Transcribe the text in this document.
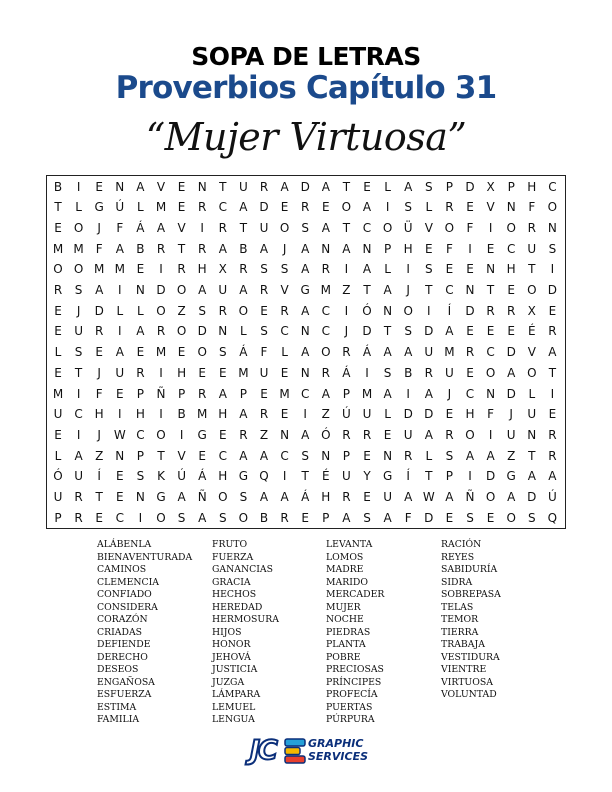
SOPA DE LETRAS
Proverbios Capítulo 31
“Mujer Virtuosa”
B	I	E	N	A	V	E	N	T	U	R	A D A	T	E	L	A	S	P	D X	P	H C
T	L	G Ú	L	M E	R	C	A D	E	R	E	O A	I	S	L	R	E	V N	F	O
E	O	J	F	Á	A	V	I	R	T	U O	S	A	T	C O Ü	V O	F	I	O R N
M M F	A	B	R	T	R	A	B	A	J	A	N	A	N	P	H	E	F	I	E	C	U	S
O O M M E	I	R H X	R	S	S	A	R	I	A	L	I	S	E	E	N H	T	I
R	S	A	I	N D O A	U	A	R	V G M Z	T	A	J	T	C N	T	E	O D
E	J	D	L	L	O Z	S	R O	E	R	A	C	I	Ó N O	I	Í	D R	R	X	E
E	U	R	I	A	R O D N	L	S	C N C	J	D	T	S	D A	E	E	E	É	R
L	S	E	A	E M E	O	S	Á	F	L	A O R	Á	A	A	U M R	C D V	A
E	T	J	U	R	I	H	E	E M U	E	N R	Á	I	S	B	R	U	E	O A O	T
M	I	F	E	P	Ñ	P	R	A	P	E M C	A	P M A	I	A	J	C N D	L	I
U	C H	I	H	I	B M H A	R	E	I	Z	Ú U	L	D D	E	H	F	J	U	E
E	I	J	W C O	I	G	E	R	Z N	A Ó R	R	E	U	A	R O	I	U N R
L	A	Z	N	P	T	V	E	C	A	A	C	S	N	P	E	N R	L	S	A	A	Z	T	R
Ó U	Í	E	S	K	Ú	Á H G Q	I	T	É	U	Y	G	Í	T	P	I	D G A	A
U	R	T	E	N G A Ñ O	S	A	A	Á H R	E	U	A W A	Ñ O A D Ú
P	R	E	C	I	O	S	A	S	O B	R	E	P	A	S	A	F	D	E	S	E	O	S	Q
ALÁBENLA
BIENAVENTURADA
CAMINOS
CLEMENCIA
CONFIADO
CONSIDERA
CORAZÓN
CRIADAS
DEFIENDE
DERECHO
DESEOS
ENGAÑOSA
ESFUERZA
ESTIMA
FAMILIA
FRUTO
FUERZA
GANANCIAS
GRACIA
HECHOS
HEREDAD
HERMOSURA
HIJOS
HONOR
JEHOVÁ
JUSTICIA
JUZGA
LÁMPARA
LEMUEL
LENGUA
LEVANTA
LOMOS
MADRE
MARIDO
MERCADER
MUJER
NOCHE
PIEDRAS
PLANTA
POBRE
PRECIOSAS
PRÍNCIPES
PROFECÍA
PUERTAS
PÚRPURA
RACIÓN
REYES
SABIDURÍA
SIDRA
SOBREPASA
TELAS
TEMOR
TIERRA
TRABAJA
VESTIDURA
VIENTRE
VIRTUOSA
VOLUNTAD
JC	GRAPHIC
SERVICES
